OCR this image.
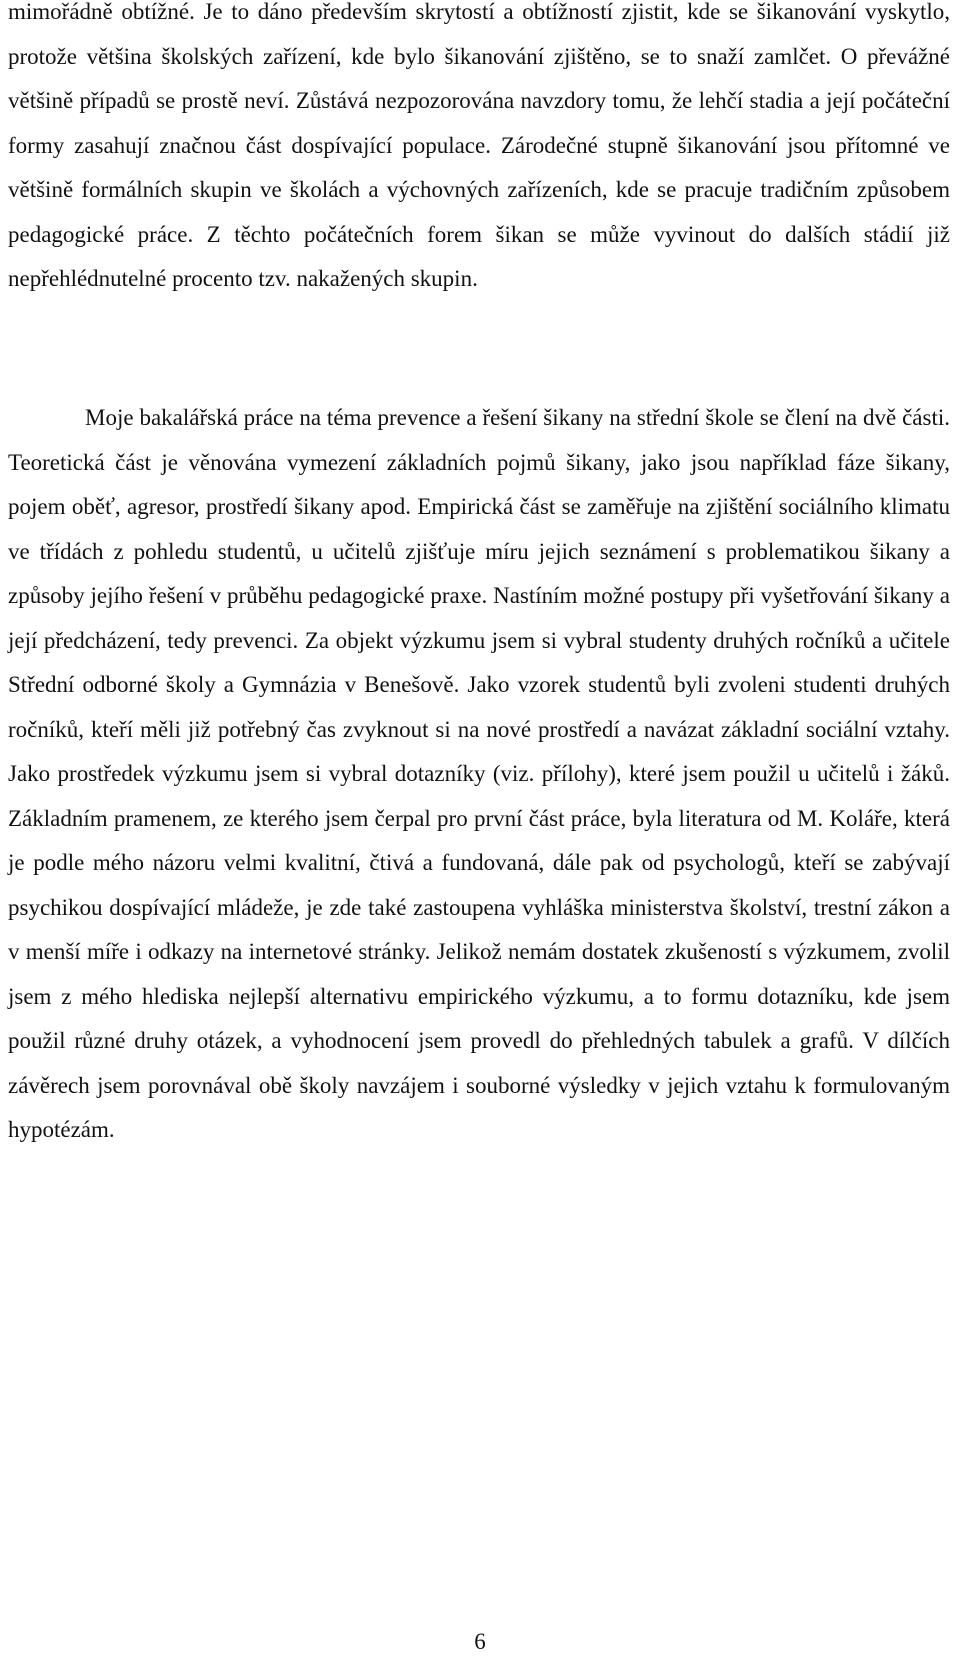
mimořádně obtížné. Je to dáno především skrytostí a obtížností zjistit, kde se šikanování vyskytlo, protože většina školských zařízení, kde bylo šikanování zjištěno, se to snaží zamlčet. O převážné většině případů se prostě neví. Zůstává nezpozorována navzdory tomu, že lehčí stadia a její počáteční formy zasahují značnou část dospívající populace. Zárodečné stupně šikanování jsou přítomné ve většině formálních skupin ve školách a výchovných zařízeních, kde se pracuje tradičním způsobem pedagogické práce. Z těchto počátečních forem šikan se může vyvinout do dalších stádií již nepřehlédnutelné procento tzv. nakažených skupin.

Moje bakalářská práce na téma prevence a řešení šikany na střední škole se člení na dvě části. Teoretická část je věnována vymezení základních pojmů šikany, jako jsou například fáze šikany, pojem oběť, agresor, prostředí šikany apod. Empirická část se zaměřuje na zjištění sociálního klimatu ve třídách z pohledu studentů, u učitelů zjišťuje míru jejich seznámení s problematikou šikany a způsoby jejího řešení v průběhu pedagogické praxe. Nastíním možné postupy při vyšetřování šikany a její předcházení, tedy prevenci. Za objekt výzkumu jsem si vybral studenty druhých ročníků a učitele Střední odborné školy a Gymnázia v Benešově. Jako vzorek studentů byli zvoleni studenti druhých ročníků, kteří měli již potřebný čas zvyknout si na nové prostředí a navázat základní sociální vztahy. Jako prostředek výzkumu jsem si vybral dotazníky (viz. přílohy), které jsem použil u učitelů i žáků. Základním pramenem, ze kterého jsem čerpal pro první část práce, byla literatura od M. Koláře, která je podle mého názoru velmi kvalitní, čtivá a fundovaná, dále pak od psychologů, kteří se zabývají psychikou dospívající mládeže, je zde také zastoupena vyhláška ministerstva školství, trestní zákon a v menší míře i odkazy na internetové stránky. Jelikož nemám dostatek zkušeností s výzkumem, zvolil jsem z mého hlediska nejlepší alternativu empirického výzkumu, a to formu dotazníku, kde jsem použil různé druhy otázek, a vyhodnocení jsem provedl do přehledných tabulek a grafů. V dílčích závěrech jsem porovnával obě školy navzájem i souborné výsledky v jejich vztahu k formulovaným hypotézám.

6
